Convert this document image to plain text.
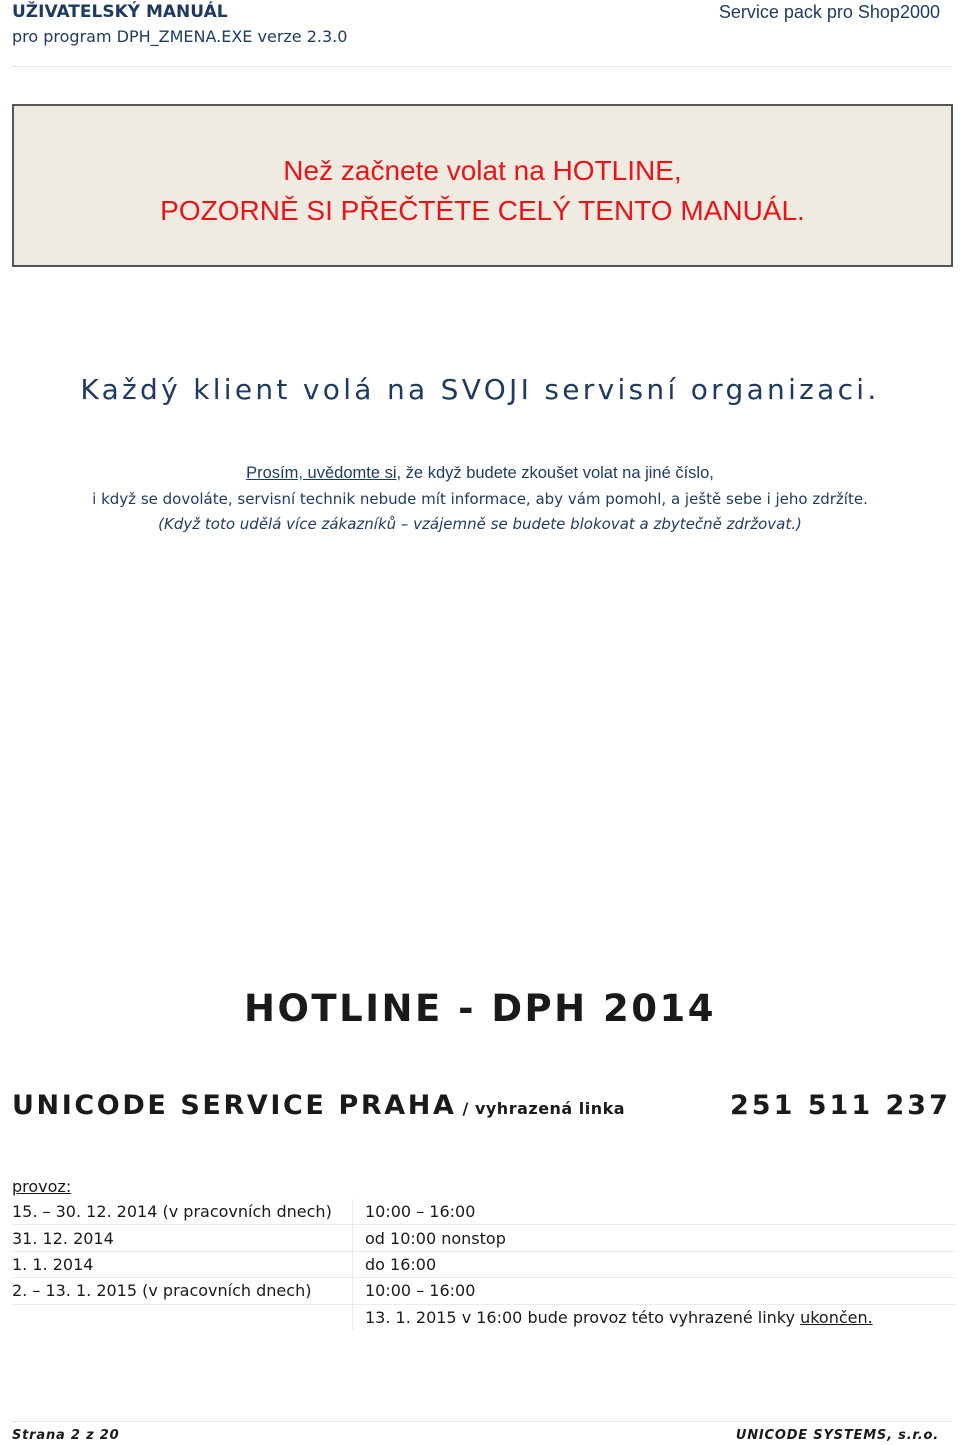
UŽIVATELSKÝ MANUÁL
pro program DPH_ZMENA.EXE verze 2.3.0
Service pack pro Shop2000
Než začnete volat na HOTLINE,
POZORNĚ SI PŘEČTĚTE CELÝ TENTO MANUÁL.
Každý klient volá na SVOJI servisní organizaci.
Prosím, uvědomte si, že když budete zkoušet volat na jiné číslo,
i když se dovoláte, servisní technik nebude mít informace, aby vám pomohl, a ještě sebe i jeho zdržíte.
(Když toto udělá více zákazníků – vzájemně se budete blokovat a zbytečně zdržovat.)
HOTLINE - DPH 2014
UNICODE SERVICE PRAHA / vyhrazená linka	251 511 237
provoz:
15. – 30. 12. 2014 (v pracovních dnech)	10:00 – 16:00
31. 12. 2014	od 10:00 nonstop
1. 1. 2014	do 16:00
2. – 13. 1. 2015 (v pracovních dnech)	10:00 – 16:00
	13. 1. 2015 v 16:00 bude provoz této vyhrazené linky ukončen.
Strana 2 z 20	UNICODE SYSTEMS, s.r.o.
